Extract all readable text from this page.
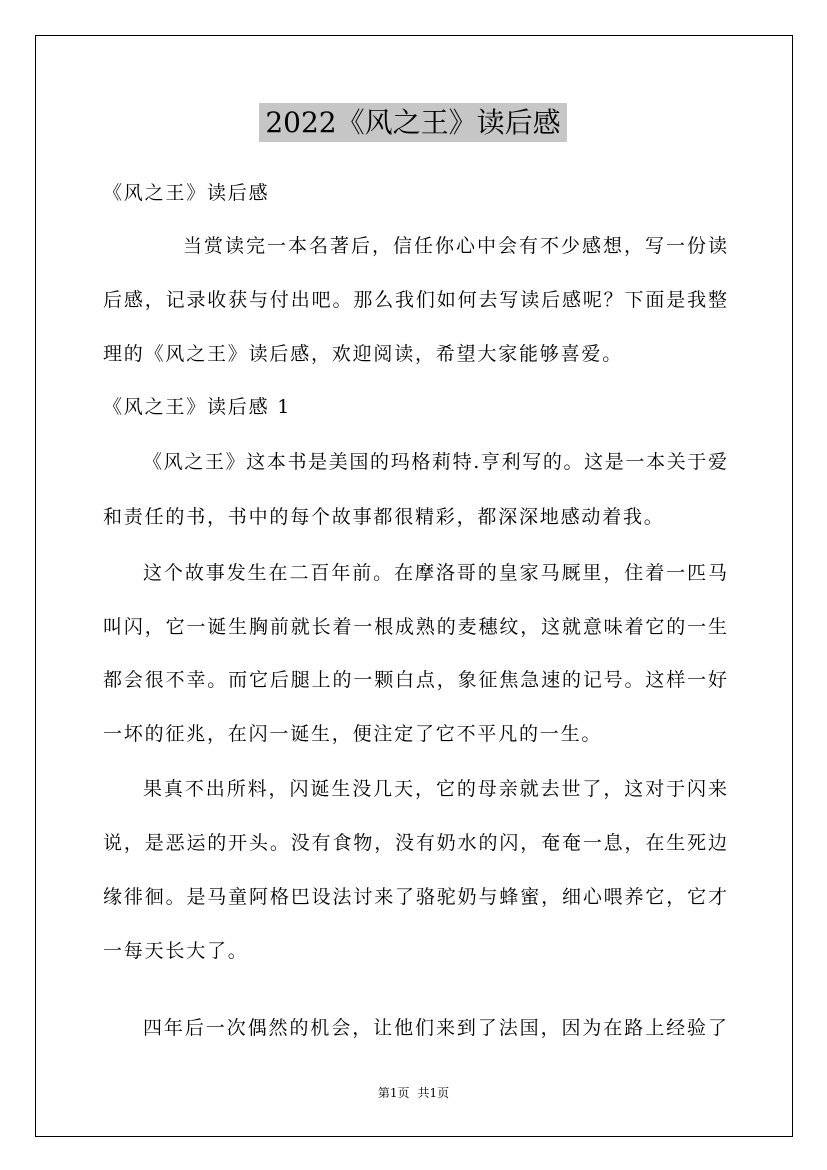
2022《风之王》读后感
《风之王》读后感
当赏读完一本名著后，信任你心中会有不少感想，写一份读
后感，记录收获与付出吧。那么我们如何去写读后感呢？下面是我整
理的《风之王》读后感，欢迎阅读，希望大家能够喜爱。
《风之王》读后感 1
《风之王》这本书是美国的玛格莉特.亨利写的。这是一本关于爱
和责任的书，书中的每个故事都很精彩，都深深地感动着我。
这个故事发生在二百年前。在摩洛哥的皇家马厩里，住着一匹马
叫闪，它一诞生胸前就长着一根成熟的麦穗纹，这就意味着它的一生
都会很不幸。而它后腿上的一颗白点，象征焦急速的记号。这样一好
一坏的征兆，在闪一诞生，便注定了它不平凡的一生。
果真不出所料，闪诞生没几天，它的母亲就去世了，这对于闪来
说，是恶运的开头。没有食物，没有奶水的闪，奄奄一息，在生死边
缘徘徊。是马童阿格巴设法讨来了骆驼奶与蜂蜜，细心喂养它，它才
一每天长大了。
四年后一次偶然的机会，让他们来到了法国，因为在路上经验了
第1页 共1页
